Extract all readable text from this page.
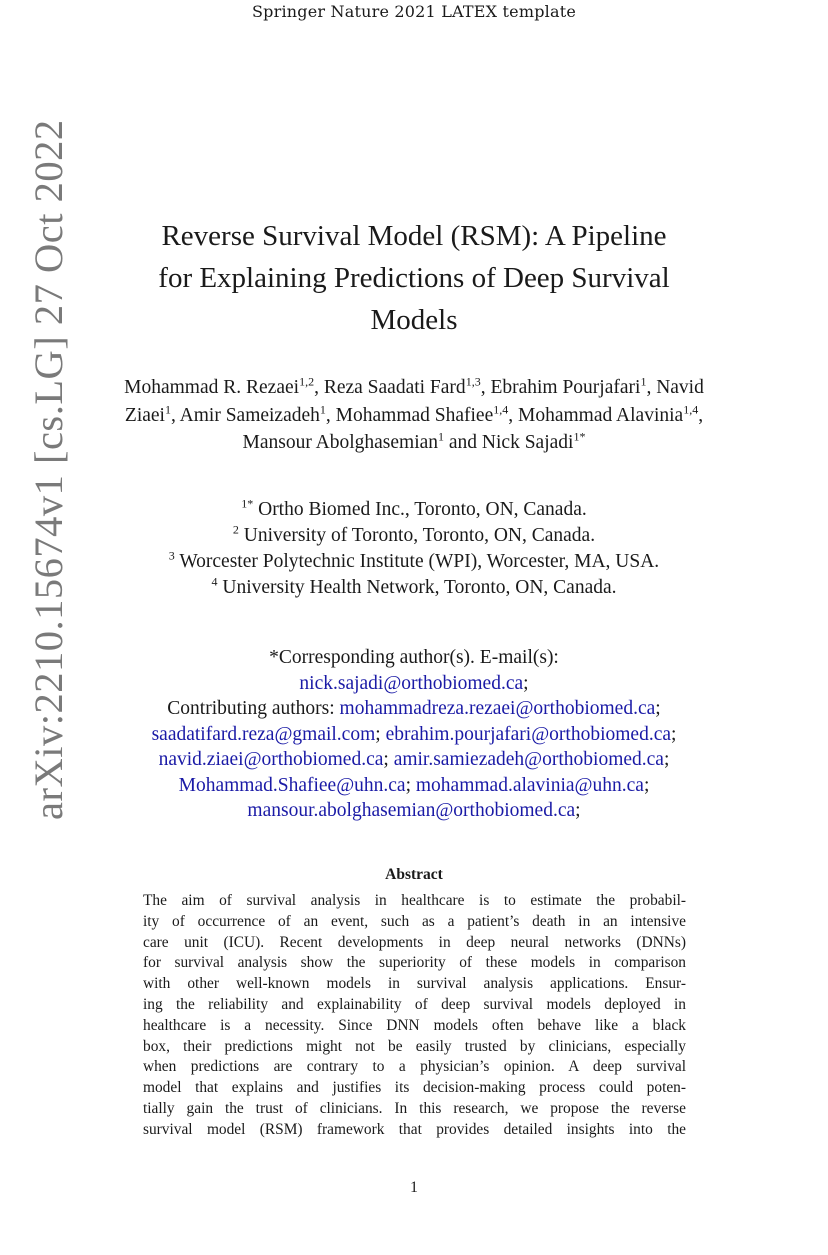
Springer Nature 2021 LATEX template
arXiv:2210.15674v1 [cs.LG] 27 Oct 2022	Reverse Survival Model (RSM): A Pipeline
for Explaining Predictions of Deep Survival
Models
Mohammad R. Rezaei$^{1,2}$, Reza Saadati Fard$^{1,3}$, Ebrahim Pourjafari$^1$, Navid Ziaei$^1$, Amir Sameizadeh$^1$, Mohammad Shafiee$^{1,4}$, Mohammad Alavinia$^{1,4}$, Mansour Abolghasemian$^1$ and Nick Sajadi$^{1*}$
$^{1*}$ Ortho Biomed Inc., Toronto, ON, Canada.
$^2$ University of Toronto, Toronto, ON, Canada.
$^3$ Worcester Polytechnic Institute (WPI), Worcester, MA, USA.
$^4$ University Health Network, Toronto, ON, Canada.
*Corresponding author(s). E-mail(s):
nick.sajadi@orthobiomed.ca;
Contributing authors: mohammadreza.rezaei@orthobiomed.ca;
saadatifard.reza@gmail.com; ebrahim.pourjafari@orthobiomed.ca;
navid.ziaei@orthobiomed.ca; amir.samiezadeh@orthobiomed.ca;
Mohammad.Shafiee@uhn.ca; mohammad.alavinia@uhn.ca;
mansour.abolghasemian@orthobiomed.ca;
Abstract
The aim of survival analysis in healthcare is to estimate the probabil-
ity of occurrence of an event, such as a patient’s death in an intensive
care unit (ICU). Recent developments in deep neural networks (DNNs)
for survival analysis show the superiority of these models in comparison
with other well-known models in survival analysis applications. Ensur-
ing the reliability and explainability of deep survival models deployed in
healthcare is a necessity. Since DNN models often behave like a black
box, their predictions might not be easily trusted by clinicians, especially
when predictions are contrary to a physician’s opinion. A deep survival
model that explains and justifies its decision-making process could poten-
tially gain the trust of clinicians. In this research, we propose the reverse
survival model (RSM) framework that provides detailed insights into the
1
